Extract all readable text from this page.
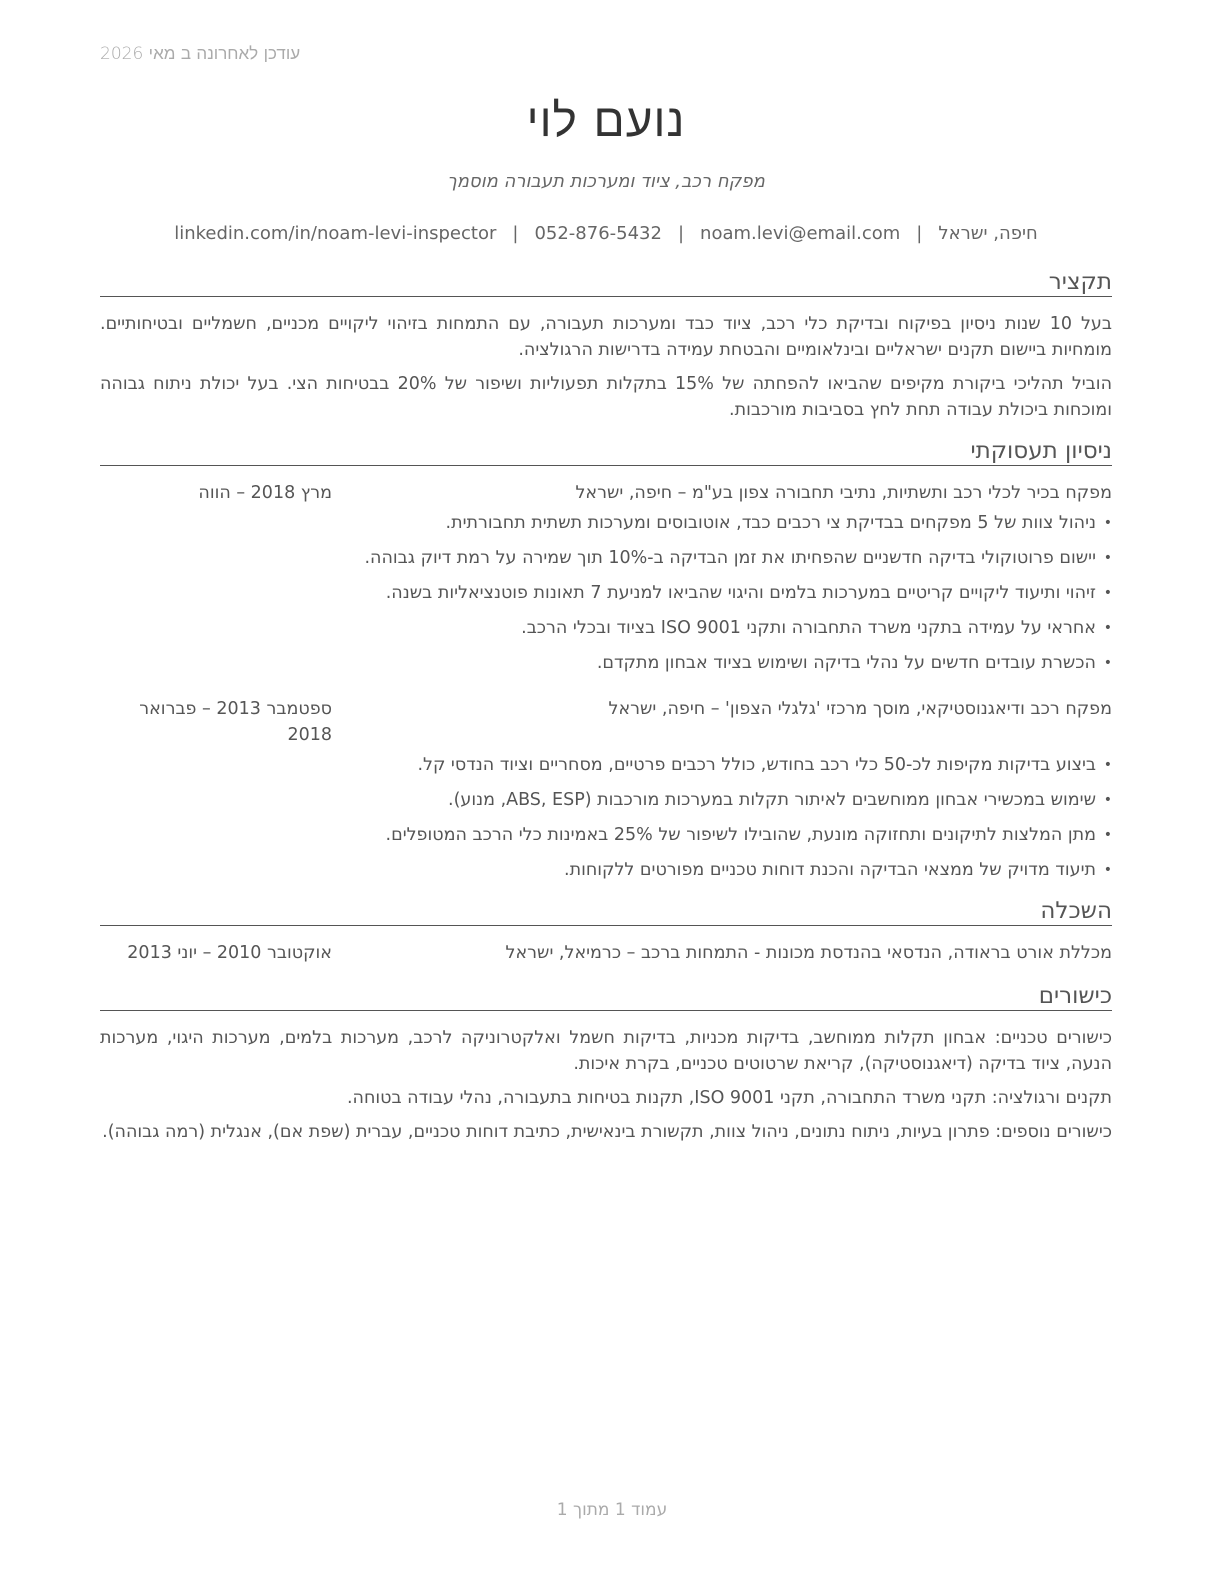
עודכן לאחרונה ב מאי 2026
נועם לוי
מפקח רכב, ציוד ומערכות תעבורה מוסמך
חיפה, ישראל|noam.levi@email.com|052-876-5432|linkedin.com/in/noam-levi-inspector
תקציר

בעל 10 שנות ניסיון בפיקוח ובדיקת כלי רכב, ציוד כבד ומערכות תעבורה, עם התמחות בזיהוי ליקויים מכניים, חשמליים ובטיחותיים. מומחיות ביישום תקנים ישראליים ובינלאומיים והבטחת עמידה בדרישות הרגולציה.

הוביל תהליכי ביקורת מקיפים שהביאו להפחתה של 15% בתקלות תפעוליות ושיפור של 20% בבטיחות הצי. בעל יכולת ניתוח גבוהה ומוכחות ביכולת עבודה תחת לחץ בסביבות מורכבות.

ניסיון תעסוקתי
מפקח בכיר לכלי רכב ותשתיות, נתיבי תחבורה צפון בע"מ – חיפה, ישראל
מרץ 2018 – הווה
• ניהול צוות של 5 מפקחים בבדיקת צי רכבים כבד, אוטובוסים ומערכות תשתית תחבורתית.
• יישום פרוטוקולי בדיקה חדשניים שהפחיתו את זמן הבדיקה ב-10% תוך שמירה על רמת דיוק גבוהה.
• זיהוי ותיעוד ליקויים קריטיים במערכות בלמים והיגוי שהביאו למניעת 7 תאונות פוטנציאליות בשנה.
• אחראי על עמידה בתקני משרד התחבורה ותקני ISO 9001 בציוד ובכלי הרכב.
• הכשרת עובדים חדשים על נהלי בדיקה ושימוש בציוד אבחון מתקדם.
מפקח רכב ודיאגנוסטיקאי, מוסך מרכזי 'גלגלי הצפון' – חיפה, ישראל
ספטמבר 2013 – פברואר 2018
• ביצוע בדיקות מקיפות לכ-50 כלי רכב בחודש, כולל רכבים פרטיים, מסחריים וציוד הנדסי קל.
• שימוש במכשירי אבחון ממוחשבים לאיתור תקלות במערכות מורכבות (ABS, ESP, מנוע).
• מתן המלצות לתיקונים ותחזוקה מונעת, שהובילו לשיפור של 25% באמינות כלי הרכב המטופלים.
• תיעוד מדויק של ממצאי הבדיקה והכנת דוחות טכניים מפורטים ללקוחות.
השכלה
מכללת אורט בראודה, הנדסאי בהנדסת מכונות - התמחות ברכב – כרמיאל, ישראל
אוקטובר 2010 – יוני 2013
כישורים

כישורים טכניים: אבחון תקלות ממוחשב, בדיקות מכניות, בדיקות חשמל ואלקטרוניקה לרכב, מערכות בלמים, מערכות היגוי, מערכות הנעה, ציוד בדיקה (דיאגנוסטיקה), קריאת שרטוטים טכניים, בקרת איכות.

תקנים ורגולציה: תקני משרד התחבורה, תקני ISO 9001, תקנות בטיחות בתעבורה, נהלי עבודה בטוחה.

כישורים נוספים: פתרון בעיות, ניתוח נתונים, ניהול צוות, תקשורת בינאישית, כתיבת דוחות טכניים, עברית (שפת אם), אנגלית (רמה גבוהה).

עמוד 1 מתוך 1
